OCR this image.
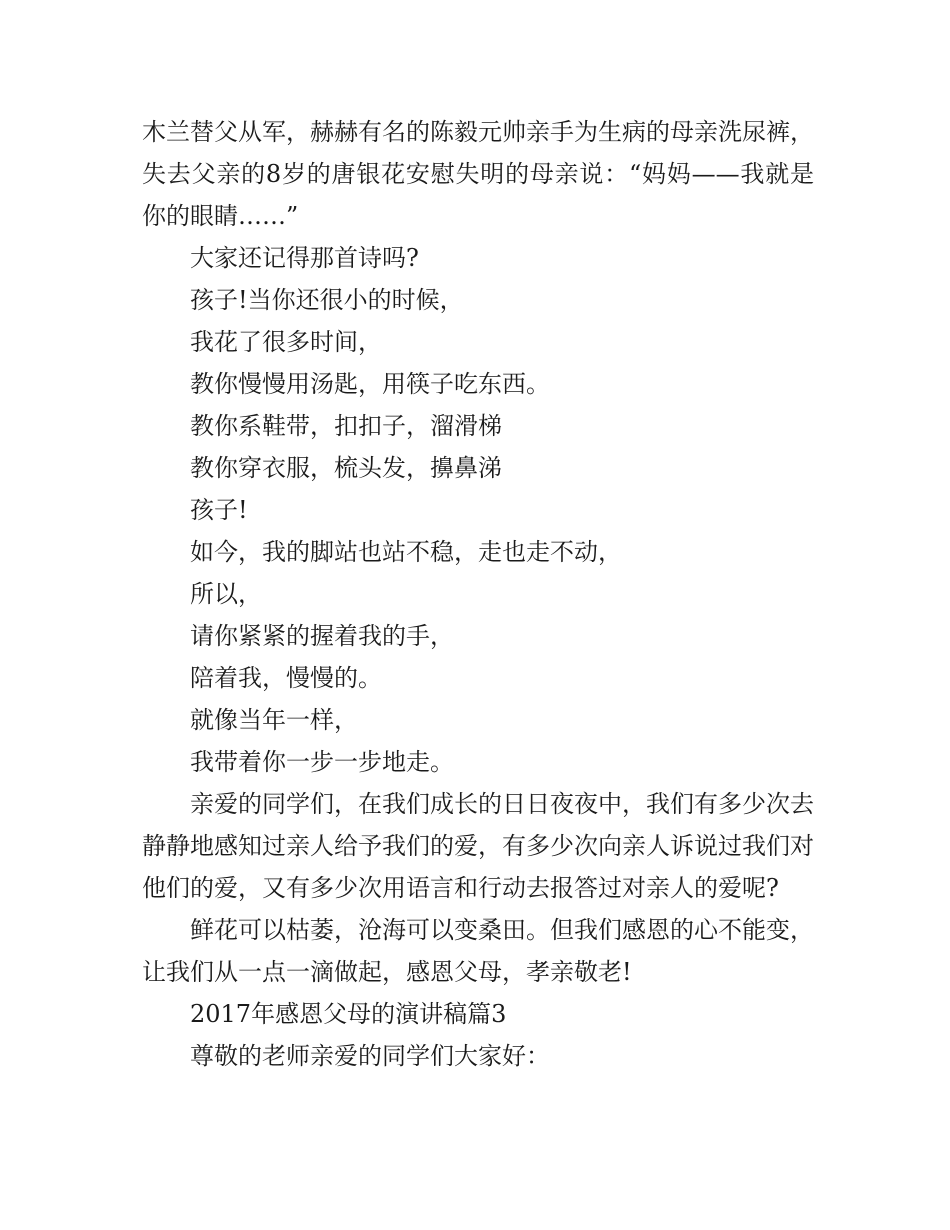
木兰替父从军，赫赫有名的陈毅元帅亲手为生病的母亲洗尿裤，失去父亲的8岁的唐银花安慰失明的母亲说：“妈妈——我就是你的眼睛……”

大家还记得那首诗吗?

孩子!当你还很小的时候，

我花了很多时间，

教你慢慢用汤匙，用筷子吃东西。

教你系鞋带，扣扣子，溜滑梯

教你穿衣服，梳头发，擤鼻涕

孩子!

如今，我的脚站也站不稳，走也走不动，

所以，

请你紧紧的握着我的手，

陪着我，慢慢的。

就像当年一样，

我带着你一步一步地走。

亲爱的同学们，在我们成长的日日夜夜中，我们有多少次去静静地感知过亲人给予我们的爱，有多少次向亲人诉说过我们对他们的爱，又有多少次用语言和行动去报答过对亲人的爱呢?

鲜花可以枯萎，沧海可以变桑田。但我们感恩的心不能变，让我们从一点一滴做起，感恩父母，孝亲敬老!

2017年感恩父母的演讲稿篇3

尊敬的老师亲爱的同学们大家好：
